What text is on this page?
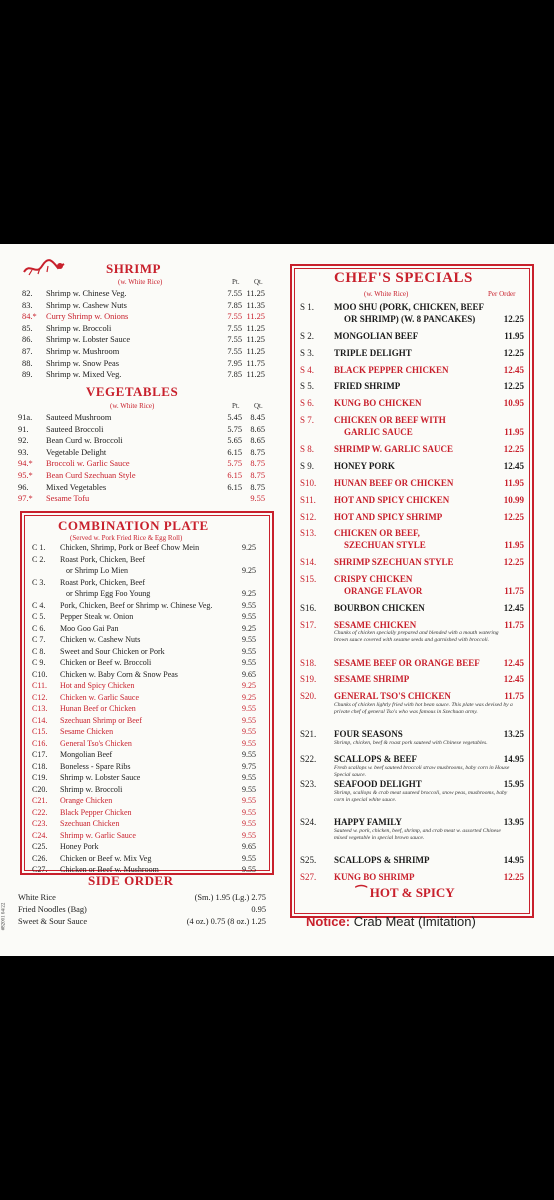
SHRIMP
(w. White Rice)	Pt. Qt.
VEGETABLES
(w. White Rice)	Pt. Qt.
COMBINATION PLATE
(Served w. Pork Fried Rice & Egg Roll)
SIDE ORDER
#82001 04/22
CHEF'S SPECIALS
(w. White Rice)	Per Order
⁀ HOT & SPICY
Notice: Crab Meat (Imitation)
82.	Shrimp w. Chinese Veg.	7.55 11.25
83.	Shrimp w. Cashew Nuts	7.85 11.35
84.*	Curry Shrimp w. Onions	7.55 11.25
85.	Shrimp w. Broccoli	7.55 11.25
86.	Shrimp w. Lobster Sauce	7.55 11.25
87.	Shrimp w. Mushroom	7.55 11.25
88.	Shrimp w. Snow Peas	7.95 11.75
89.	Shrimp w. Mixed Veg.	7.85 11.25
91a.	Sauteed Mushroom	5.45 8.45
91.	Sauteed Broccoli	5.75 8.65
92.	Bean Curd w. Broccoli	5.65 8.65
93.	Vegetable Delight	6.15 8.75
94.*	Broccoli w. Garlic Sauce	5.75 8.75
95.*	Bean Curd Szechuan Style	6.15 8.75
96.	Mixed Vegetables	6.15 8.75
97.*	Sesame Tofu	9.55
C 1.	Chicken, Shrimp, Pork or Beef Chow Mein	9.25
C 2.	Roast Pork, Chicken, Beef
or Shrimp Lo Mien	9.25
C 3.	Roast Pork, Chicken, Beef
or Shrimp Egg Foo Young	9.25
C 4.	Pork, Chicken, Beef or Shrimp w. Chinese Veg.	9.55
C 5.	Pepper Steak w. Onion	9.55
C 6.	Moo Goo Gai Pan	9.25
C 7.	Chicken w. Cashew Nuts	9.55
C 8.	Sweet and Sour Chicken or Pork	9.55
C 9.	Chicken or Beef w. Broccoli	9.55
C10.	Chicken w. Baby Corn & Snow Peas	9.65
C11.	Hot and Spicy Chicken	9.25
C12.	Chicken w. Garlic Sauce	9.25
C13.	Hunan Beef or Chicken	9.55
C14.	Szechuan Shrimp or Beef	9.55
C15.	Sesame Chicken	9.55
C16.	General Tso's Chicken	9.55
C17.	Mongolian Beef	9.55
C18.	Boneless - Spare Ribs	9.75
C19.	Shrimp w. Lobster Sauce	9.55
C20.	Shrimp w. Broccoli	9.55
C21.	Orange Chicken	9.55
C22.	Black Pepper Chicken	9.55
C23.	Szechuan Chicken	9.55
C24.	Shrimp w. Garlic Sauce	9.55
C25.	Honey Pork	9.65
C26.	Chicken or Beef w. Mix Veg	9.55
C27.	Chicken or Beef w. Mushroom	9.55
White Rice	(Sm.) 1.95 (Lg.) 2.75
Fried Noodles (Bag)	0.95
Sweet & Sour Sauce	(4 oz.) 0.75 (8 oz.) 1.25
S 1. MOO SHU (PORK, CHICKEN, BEEF
OR SHRIMP) (W. 8 PANCAKES)	12.25
S 2. MONGOLIAN BEEF	11.95
S 3. TRIPLE DELIGHT	12.25
S 4. BLACK PEPPER CHICKEN	12.45
S 5. FRIED SHRIMP	12.25
S 6. KUNG BO CHICKEN	10.95
S 7. CHICKEN OR BEEF WITH
GARLIC SAUCE	11.95
S 8. SHRIMP W. GARLIC SAUCE	12.25
S 9. HONEY PORK	12.45
S10. HUNAN BEEF OR CHICKEN	11.95
S11. HOT AND SPICY CHICKEN	10.99
S12. HOT AND SPICY SHRIMP	12.25
S13. CHICKEN OR BEEF,
SZECHUAN STYLE	11.95
S14. SHRIMP SZECHUAN STYLE	12.25
S15. CRISPY CHICKEN
ORANGE FLAVOR	11.75
S16. BOURBON CHICKEN	12.45
S17. SESAME CHICKEN	11.75
Chunks of chicken specially prepared and blended with a mouth watering brown sauce covered with sesame seeds and garnished with broccoli.
S18. SESAME BEEF OR ORANGE BEEF	12.45
S19. SESAME SHRIMP	12.45
S20. GENERAL TSO'S CHICKEN	11.75
Chunks of chicken lightly fried with hot bean sauce. This plate was devised by a private chef of general Tso's who was famous in Szechuan army.
S21. FOUR SEASONS	13.25
Shrimp, chicken, beef & roast pork sauteed with Chinese vegetables.
S22. SCALLOPS & BEEF	14.95
Fresh scallops w. beef sauteed broccoli straw mushrooms, baby corn in House Special sauce.
S23. SEAFOOD DELIGHT	15.95
Shrimp, scallops & crab meat sauteed broccoli, snow peas, mushrooms, baby corn in special white sauce.
S24. HAPPY FAMILY	13.95
Sauteed w. pork, chicken, beef, shrimp, and crab meat w. assorted Chinese mixed vegetable in special brown sauce.
S25. SCALLOPS & SHRIMP	14.95
S27. KUNG BO SHRIMP	12.25
